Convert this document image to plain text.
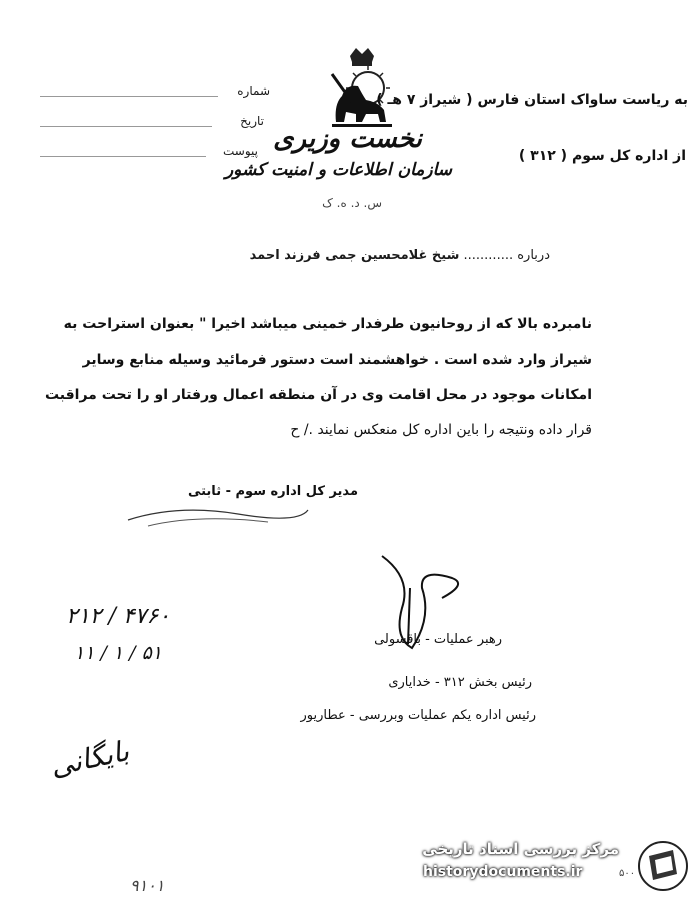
شماره
تاریخ
پیوست نخست وزیری
سازمان اطلاعات و امنیت کشور
س. د. ه. ک
به ریاست ساواک استان فارس ( شیراز ۷ هـ )
از اداره کل سوم ( ۳۱۲ )
درباره ............ شیخ غلامحسین جمی فرزند احمد
نامبرده بالا که از روحانیون طرفدار خمینی میباشد اخیرا " بعنوان استراحت به
شیراز وارد شده است . خواهشمند است دستور فرمائید وسیله منابع وسایر
امکانات موجود در محل اقامت وی در آن منطقه اعمال ورفتار او را تحت مراقبت
قرار داده ونتیجه را باین اداره کل منعکس نمایند ./ ح
مدیر کل اداره سوم - ثابتی
۲۱۲ / ۴۷۶۰
۱۱ / ۱ / ۵۱
رهبر عملیات - باقسولی
رئیس بخش ۳۱۲ - خدایاری
رئیس اداره یکم عملیات وبررسی - عطاریور
بایگانی
۹۱۰۱
مرکز بررسی اسناد تاریخی
historydocuments.ir	۵۰۰
